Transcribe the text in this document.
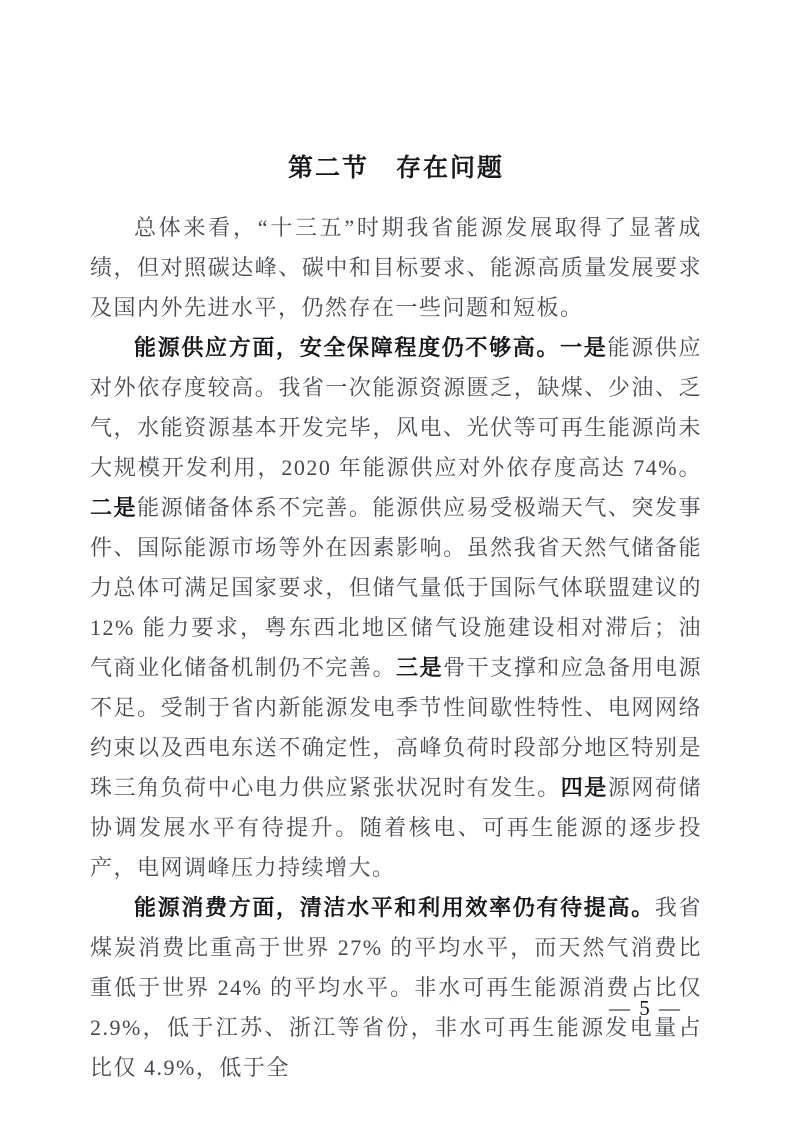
第二节　存在问题

总体来看，“十三五”时期我省能源发展取得了显著成绩，但对照碳达峰、碳中和目标要求、能源高质量发展要求及国内外先进水平，仍然存在一些问题和短板。

能源供应方面，安全保障程度仍不够高。一是能源供应对外依存度较高。我省一次能源资源匮乏，缺煤、少油、乏气，水能资源基本开发完毕，风电、光伏等可再生能源尚未大规模开发利用，2020 年能源供应对外依存度高达 74%。二是能源储备体系不完善。能源供应易受极端天气、突发事件、国际能源市场等外在因素影响。虽然我省天然气储备能力总体可满足国家要求，但储气量低于国际气体联盟建议的 12% 能力要求，粤东西北地区储气设施建设相对滞后；油气商业化储备机制仍不完善。三是骨干支撑和应急备用电源不足。受制于省内新能源发电季节性间歇性特性、电网网络约束以及西电东送不确定性，高峰负荷时段部分地区特别是珠三角负荷中心电力供应紧张状况时有发生。四是源网荷储协调发展水平有待提升。随着核电、可再生能源的逐步投产，电网调峰压力持续增大。

能源消费方面，清洁水平和利用效率仍有待提高。我省煤炭消费比重高于世界 27% 的平均水平，而天然气消费比重低于世界 24% 的平均水平。非水可再生能源消费占比仅 2.9%，低于江苏、浙江等省份，非水可再生能源发电量占比仅 4.9%，低于全

— 5 —
